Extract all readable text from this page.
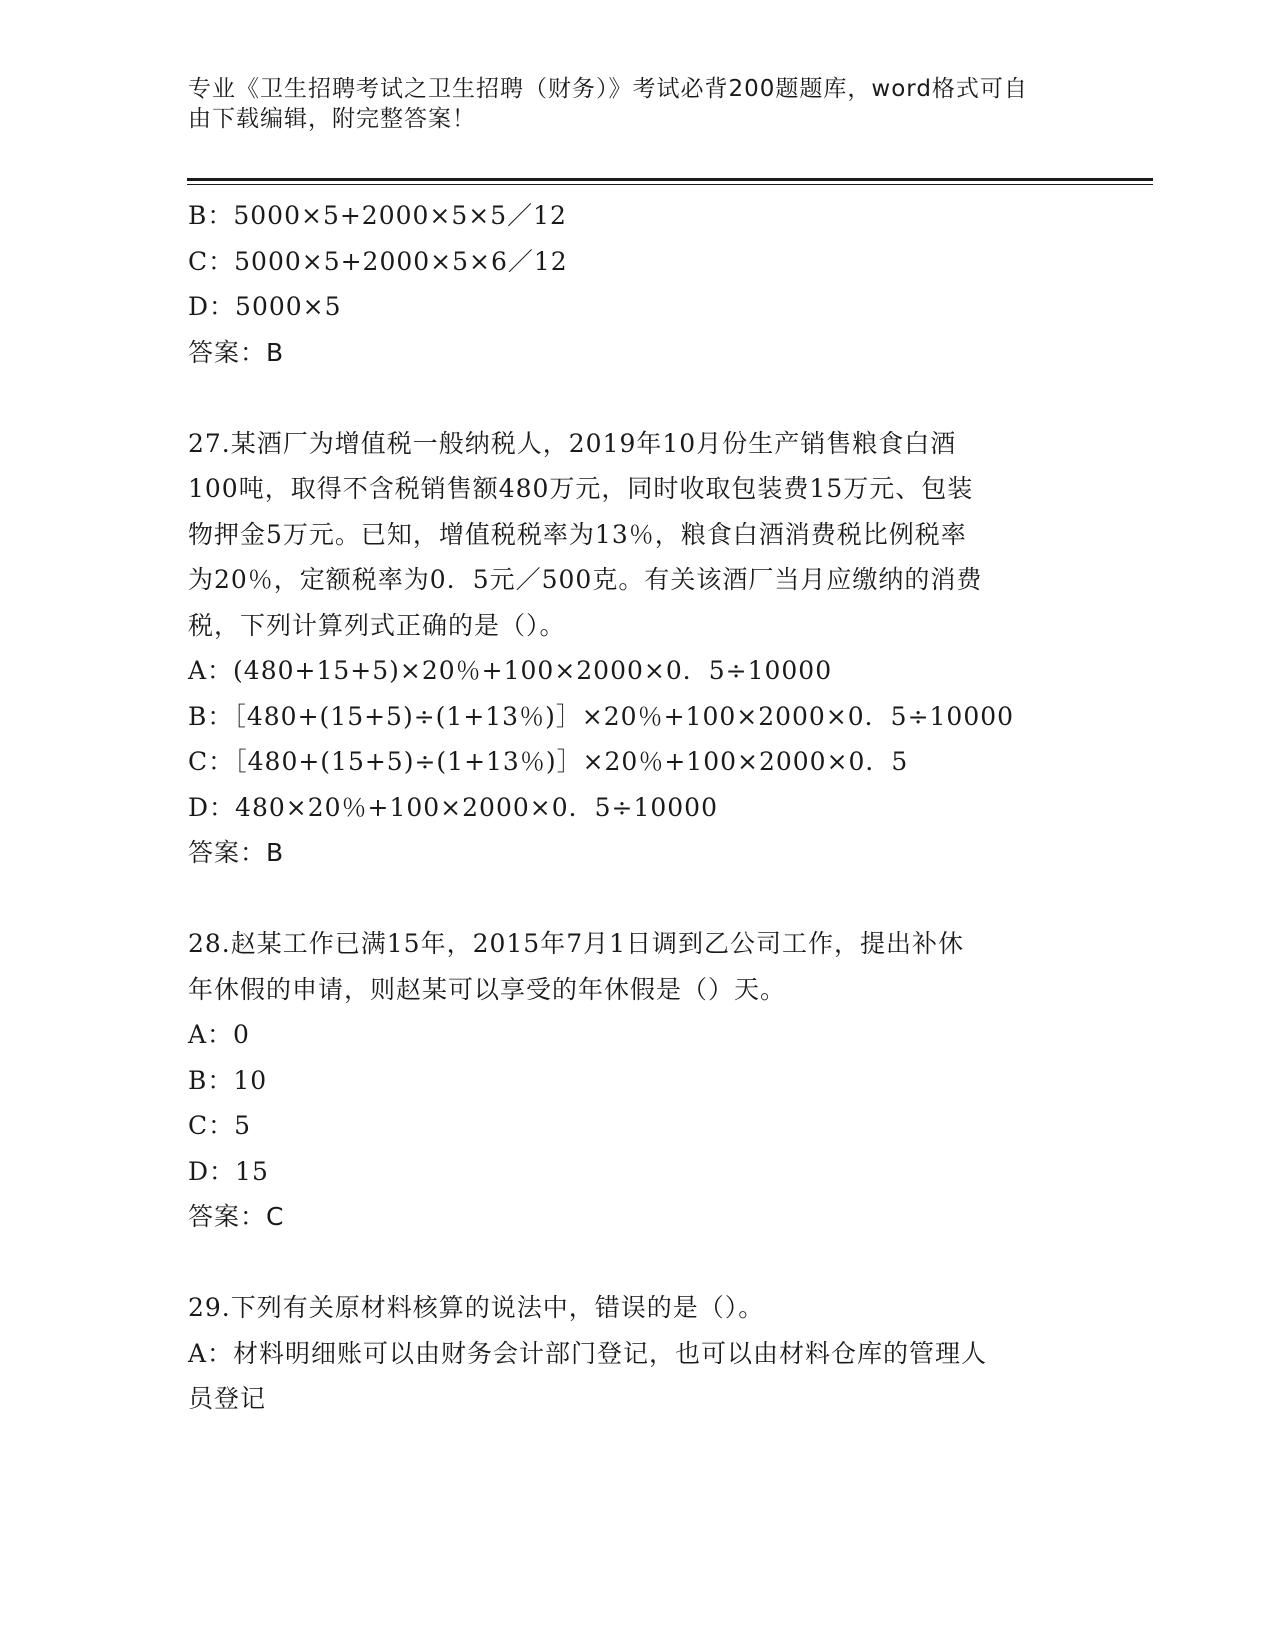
专业《卫生招聘考试之卫生招聘（财务）》考试必背200题题库，word格式可自
由下载编辑，附完整答案！
B：5000×5+2000×5×5／12
C：5000×5+2000×5×6／12
D：5000×5
答案：B
27.某酒厂为增值税一般纳税人，2019年10月份生产销售粮食白酒
100吨，取得不含税销售额480万元，同时收取包装费15万元、包装
物押金5万元。已知，增值税税率为13％，粮食白酒消费税比例税率
为20％，定额税率为0．5元／500克。有关该酒厂当月应缴纳的消费
税，下列计算列式正确的是（）。
A：(480+15+5)×20％+100×2000×0．5÷10000
B：［480+(15+5)÷(1+13％)］×20％+100×2000×0．5÷10000
C：［480+(15+5)÷(1+13％)］×20％+100×2000×0．5
D：480×20％+100×2000×0．5÷10000
答案：B
28.赵某工作已满15年，2015年7月1日调到乙公司工作，提出补休
年休假的申请，则赵某可以享受的年休假是（）天。
A：0
B：10
C：5
D：15
答案：C
29.下列有关原材料核算的说法中，错误的是（）。
A：材料明细账可以由财务会计部门登记，也可以由材料仓库的管理人
员登记
